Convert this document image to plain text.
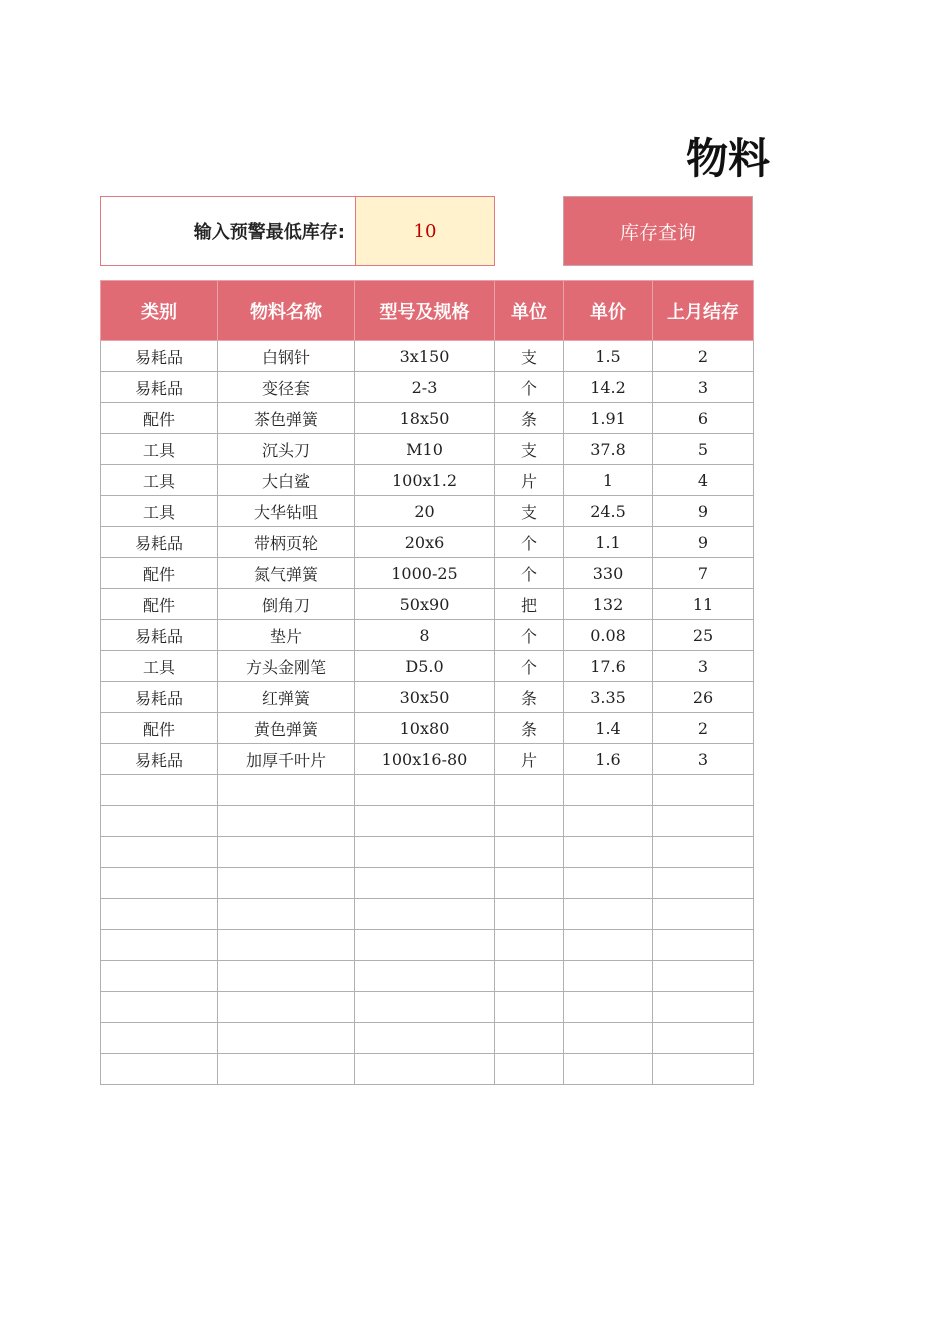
物料
输入预警最低库存:	10	库存查询
类别	物料名称	型号及规格	单位	单价	上月结存
易耗品	白钢针	3x150	支	1.5	2
易耗品	变径套	2-3	个	14.2	3
配件	茶色弹簧	18x50	条	1.91	6
工具	沉头刀	M10	支	37.8	5
工具	大白鲨	100x1.2	片	1	4
工具	大华钻咀	20	支	24.5	9
易耗品	带柄页轮	20x6	个	1.1	9
配件	氮气弹簧	1000-25	个	330	7
配件	倒角刀	50x90	把	132	11
易耗品	垫片	8	个	0.08	25
工具	方头金刚笔	D5.0	个	17.6	3
易耗品	红弹簧	30x50	条	3.35	26
配件	黄色弹簧	10x80	条	1.4	2
易耗品	加厚千叶片	100x16-80	片	1.6	3
